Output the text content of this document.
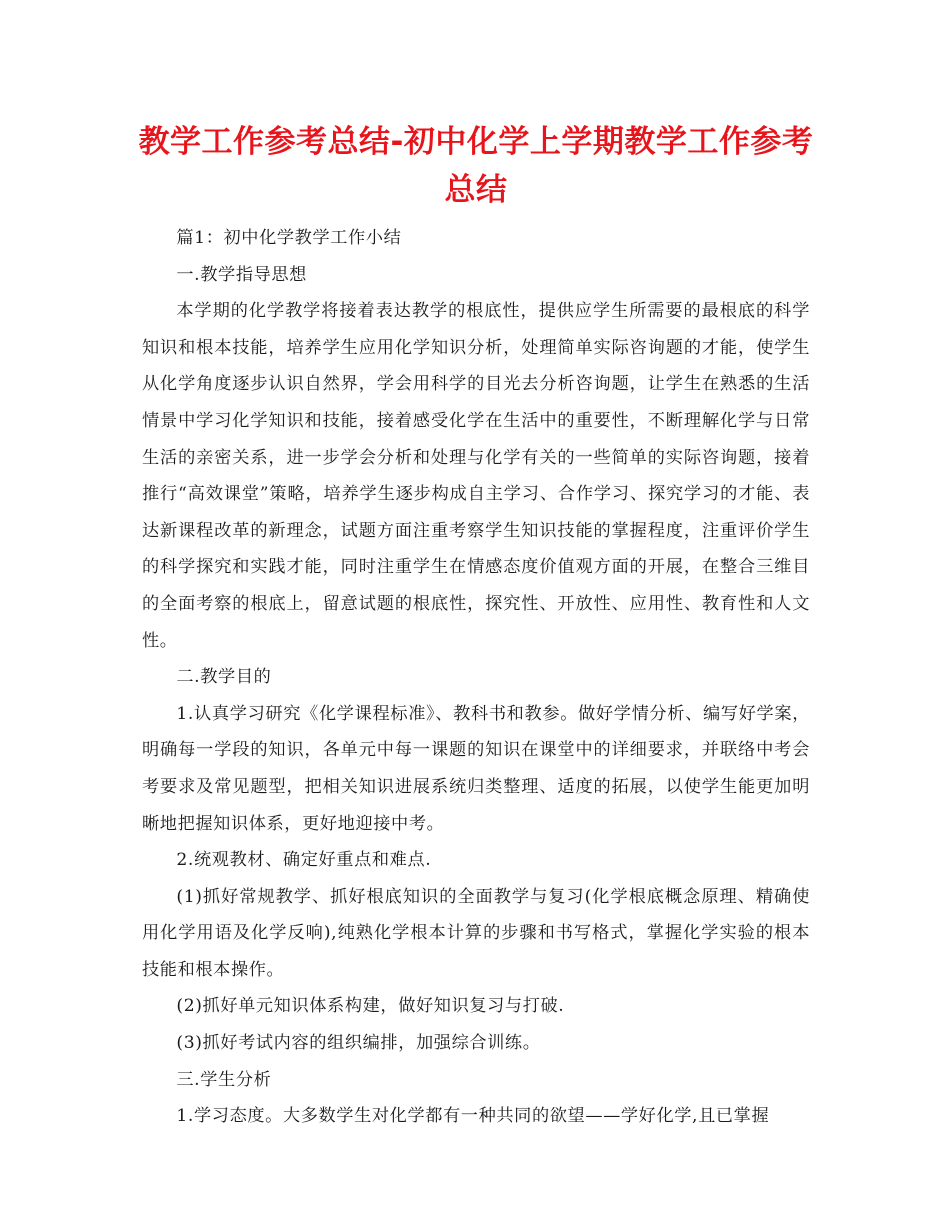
教学工作参考总结-初中化学上学期教学工作参考总结

篇1：初中化学教学工作小结

一.教学指导思想

本学期的化学教学将接着表达教学的根底性，提供应学生所需要的最根底的科学知识和根本技能，培养学生应用化学知识分析，处理简单实际咨询题的才能，使学生从化学角度逐步认识自然界，学会用科学的目光去分析咨询题，让学生在熟悉的生活情景中学习化学知识和技能，接着感受化学在生活中的重要性，不断理解化学与日常生活的亲密关系，进一步学会分析和处理与化学有关的一些简单的实际咨询题，接着推行“高效课堂”策略，培养学生逐步构成自主学习、合作学习、探究学习的才能、表达新课程改革的新理念，试题方面注重考察学生知识技能的掌握程度，注重评价学生的科学探究和实践才能，同时注重学生在情感态度价值观方面的开展，在整合三维目的全面考察的根底上，留意试题的根底性，探究性、开放性、应用性、教育性和人文性。

二.教学目的

1.认真学习研究《化学课程标准》、教科书和教参。做好学情分析、编写好学案，明确每一学段的知识，各单元中每一课题的知识在课堂中的详细要求，并联络中考会考要求及常见题型，把相关知识进展系统归类整理、适度的拓展，以使学生能更加明晰地把握知识体系，更好地迎接中考。

2.统观教材、确定好重点和难点.

(1)抓好常规教学、抓好根底知识的全面教学与复习(化学根底概念原理、精确使用化学用语及化学反响),纯熟化学根本计算的步骤和书写格式，掌握化学实验的根本技能和根本操作。

(2)抓好单元知识体系构建，做好知识复习与打破.

(3)抓好考试内容的组织编排，加强综合训练。

三.学生分析

1.学习态度。大多数学生对化学都有一种共同的欲望——学好化学,且已掌握
